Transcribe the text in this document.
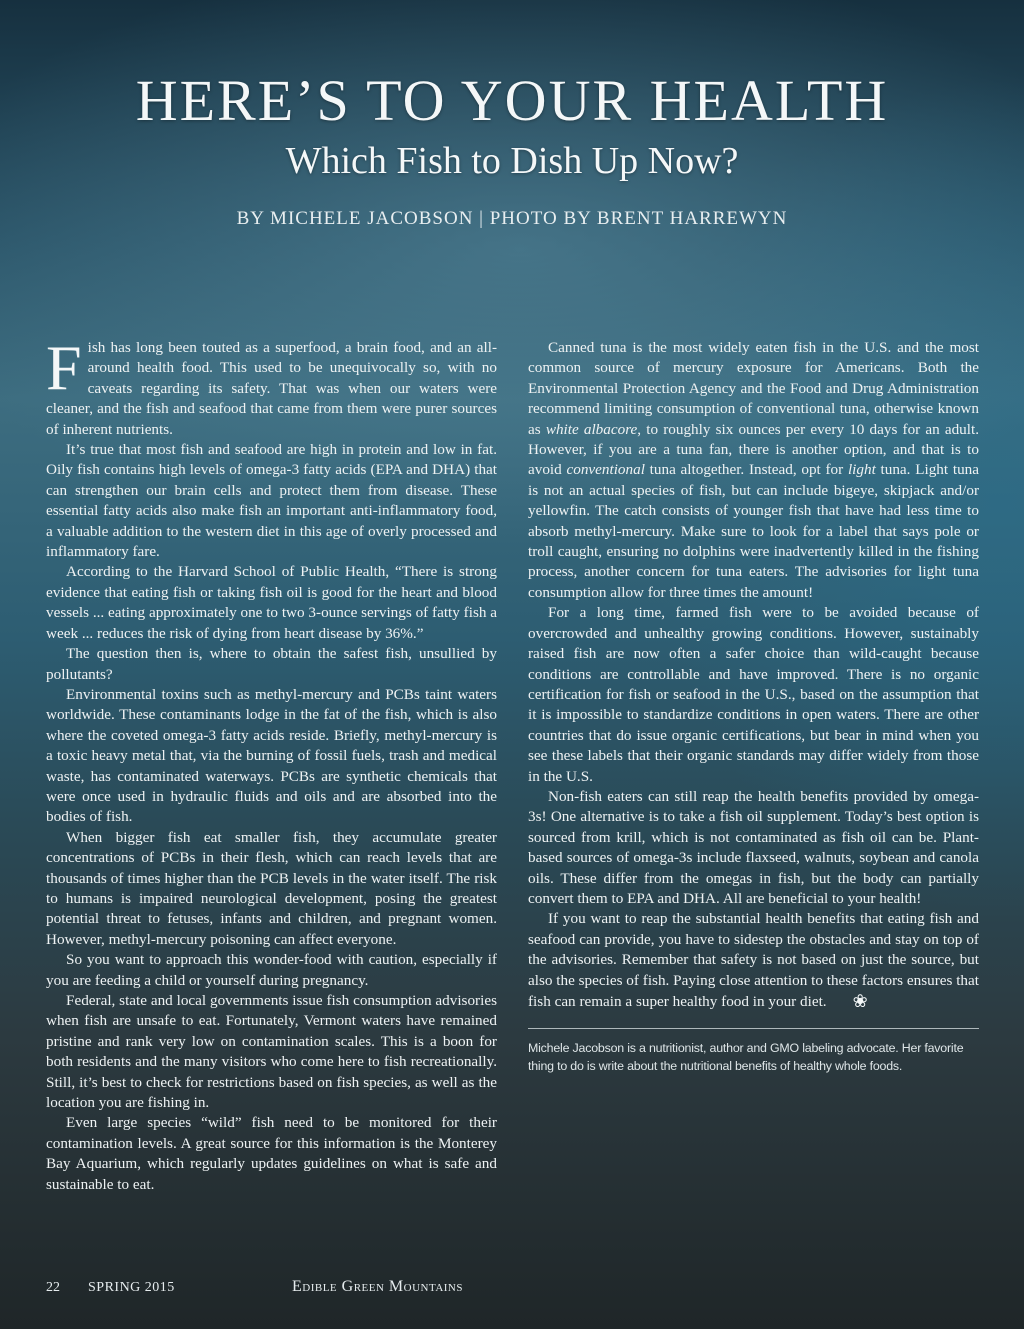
HERE’S TO YOUR HEALTH
Which Fish to Dish Up Now?
BY MICHELE JACOBSON | PHOTO BY BRENT HARREWYN

Fish has long been touted as a superfood, a brain food, and an all-around health food. This used to be unequivocally so, with no caveats regarding its safety. That was when our waters were cleaner, and the fish and seafood that came from them were purer sources of inherent nutrients.

It’s true that most fish and seafood are high in protein and low in fat. Oily fish contains high levels of omega-3 fatty acids (EPA and DHA) that can strengthen our brain cells and protect them from disease. These essential fatty acids also make fish an important anti-inflammatory food, a valuable addition to the western diet in this age of overly processed and inflammatory fare.

According to the Harvard School of Public Health, “There is strong evidence that eating fish or taking fish oil is good for the heart and blood vessels ... eating approximately one to two 3-ounce servings of fatty fish a week ... reduces the risk of dying from heart disease by 36%.”

The question then is, where to obtain the safest fish, unsullied by pollutants?

Environmental toxins such as methyl-mercury and PCBs taint waters worldwide. These contaminants lodge in the fat of the fish, which is also where the coveted omega-3 fatty acids reside. Briefly, methyl-mercury is a toxic heavy metal that, via the burning of fossil fuels, trash and medical waste, has contaminated waterways. PCBs are synthetic chemicals that were once used in hydraulic fluids and oils and are absorbed into the bodies of fish.

When bigger fish eat smaller fish, they accumulate greater concentrations of PCBs in their flesh, which can reach levels that are thousands of times higher than the PCB levels in the water itself. The risk to humans is impaired neurological development, posing the greatest potential threat to fetuses, infants and children, and pregnant women. However, methyl-mercury poisoning can affect everyone.

So you want to approach this wonder-food with caution, especially if you are feeding a child or yourself during pregnancy.

Federal, state and local governments issue fish consumption advisories when fish are unsafe to eat. Fortunately, Vermont waters have remained pristine and rank very low on contamination scales. This is a boon for both residents and the many visitors who come here to fish recreationally. Still, it’s best to check for restrictions based on fish species, as well as the location you are fishing in.

Even large species “wild” fish need to be monitored for their contamination levels. A great source for this information is the Monterey Bay Aquarium, which regularly updates guidelines on what is safe and sustainable to eat.

Canned tuna is the most widely eaten fish in the U.S. and the most common source of mercury exposure for Americans. Both the Environmental Protection Agency and the Food and Drug Administration recommend limiting consumption of conventional tuna, otherwise known as white albacore, to roughly six ounces per every 10 days for an adult. However, if you are a tuna fan, there is another option, and that is to avoid conventional tuna altogether. Instead, opt for light tuna. Light tuna is not an actual species of fish, but can include bigeye, skipjack and/or yellowfin. The catch consists of younger fish that have had less time to absorb methyl-mercury. Make sure to look for a label that says pole or troll caught, ensuring no dolphins were inadvertently killed in the fishing process, another concern for tuna eaters. The advisories for light tuna consumption allow for three times the amount!

For a long time, farmed fish were to be avoided because of overcrowded and unhealthy growing conditions. However, sustainably raised fish are now often a safer choice than wild-caught because conditions are controllable and have improved. There is no organic certification for fish or seafood in the U.S., based on the assumption that it is impossible to standardize conditions in open waters. There are other countries that do issue organic certifications, but bear in mind when you see these labels that their organic standards may differ widely from those in the U.S.

Non-fish eaters can still reap the health benefits provided by omega-3s! One alternative is to take a fish oil supplement. Today’s best option is sourced from krill, which is not contaminated as fish oil can be. Plant-based sources of omega-3s include flaxseed, walnuts, soybean and canola oils. These differ from the omegas in fish, but the body can partially convert them to EPA and DHA. All are beneficial to your health!

If you want to reap the substantial health benefits that eating fish and seafood can provide, you have to sidestep the obstacles and stay on top of the advisories. Remember that safety is not based on just the source, but also the species of fish. Paying close attention to these factors ensures that fish can remain a super healthy food in your diet. ❀

Michele Jacobson is a nutritionist, author and GMO labeling advocate. Her favorite thing to do is write about the nutritional benefits of healthy whole foods.
22	SPRING 2015	Edible Green Mountains
